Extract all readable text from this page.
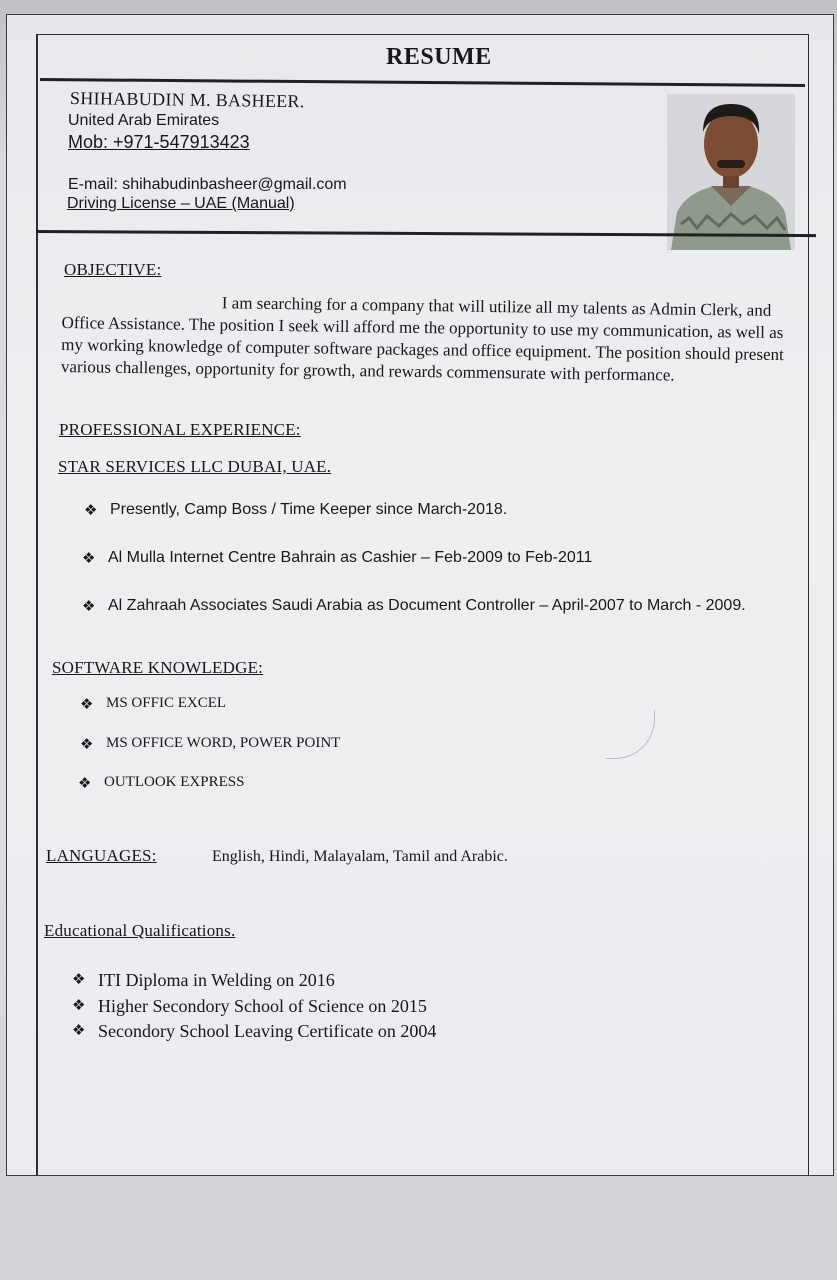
RESUME
SHIHABUDIN M. BASHEER.
United Arab Emirates
Mob: +971-547913423
E-mail: shihabudinbasheer@gmail.com
Driving License – UAE (Manual)
OBJECTIVE:
I am searching for a company that will utilize all my talents as Admin Clerk, and Office Assistance. The position I seek will afford me the opportunity to use my communication, as well as my working knowledge of computer software packages and office equipment. The position should present various challenges, opportunity for growth, and rewards commensurate with performance.
PROFESSIONAL EXPERIENCE:
STAR SERVICES LLC DUBAI, UAE.
❖ Presently, Camp Boss / Time Keeper since March-2018.
❖ Al Mulla Internet Centre Bahrain as Cashier – Feb-2009 to Feb-2011
❖ Al Zahraah Associates Saudi Arabia as Document Controller – April-2007 to March - 2009.
SOFTWARE KNOWLEDGE:
❖ MS OFFIC EXCEL
❖ MS OFFICE WORD, POWER POINT
❖ OUTLOOK EXPRESS
LANGUAGES:	English, Hindi, Malayalam, Tamil and Arabic.
Educational Qualifications.
❖ ITI Diploma in Welding on 2016
❖ Higher Secondory School of Science on 2015
❖ Secondory School Leaving Certificate on 2004
